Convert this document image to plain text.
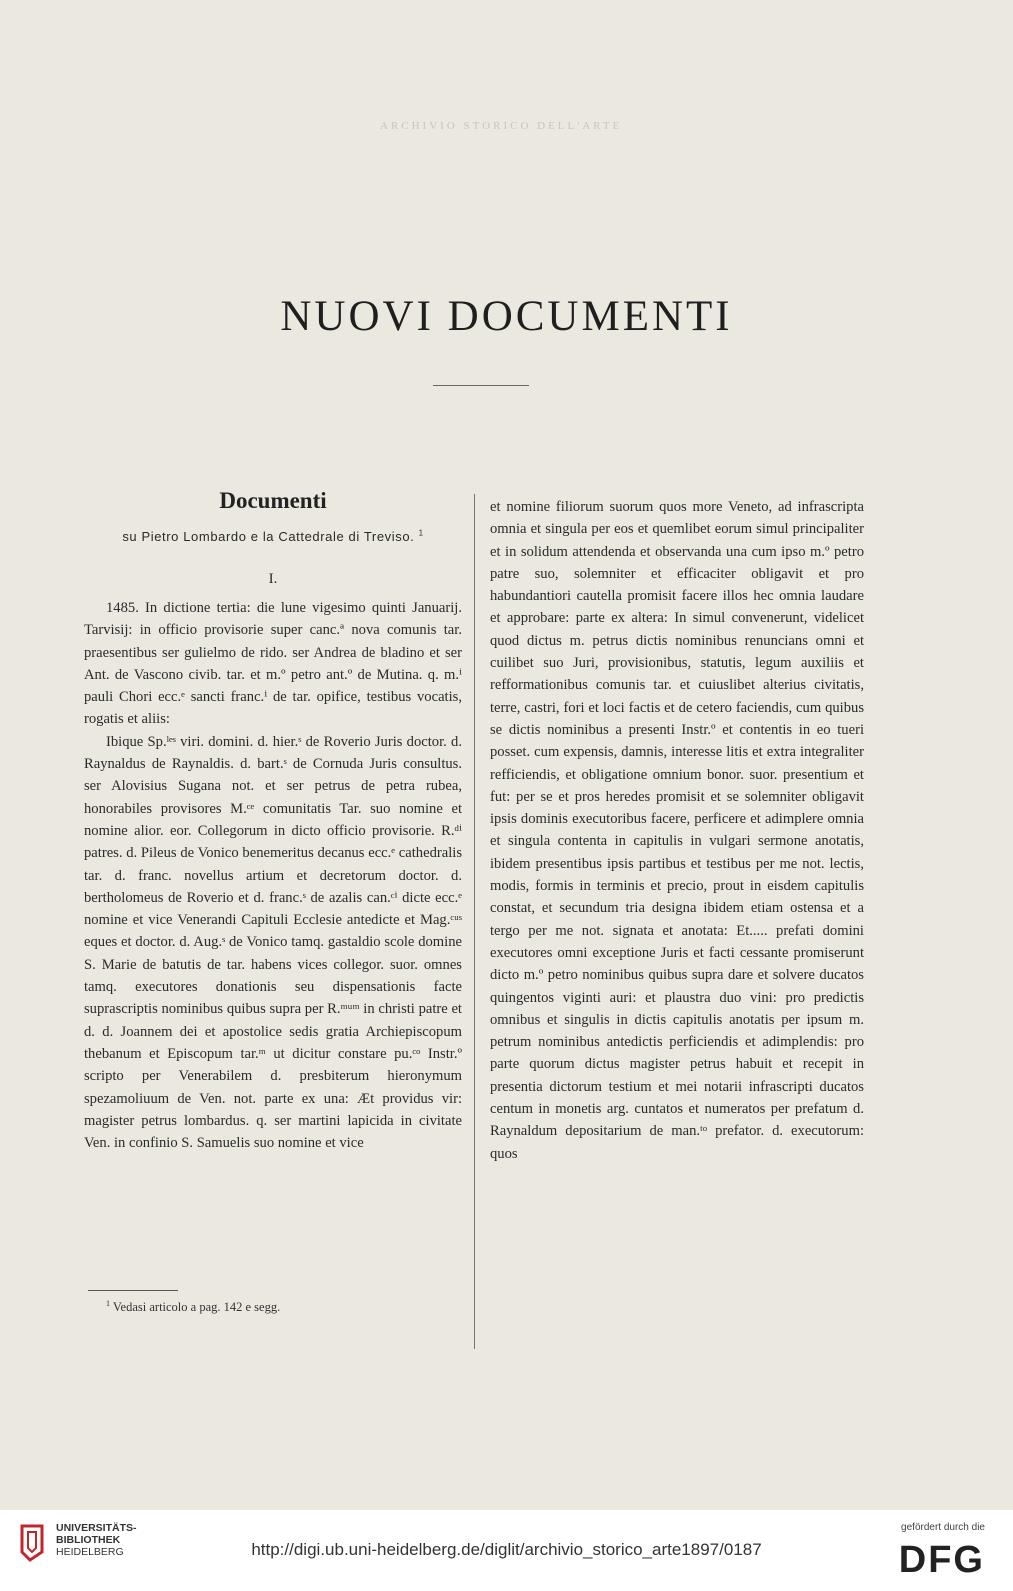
ARCHIVIO STORICO DELL'ARTE
NUOVI DOCUMENTI
Documenti
su Pietro Lombardo e la Cattedrale di Treviso. $^1$
I.

1485. In dictione tertia: die lune vigesimo quinti Januarij. Tarvisij: in officio provisorie super canc.ª nova comunis tar. praesentibus ser gulielmo de rido. ser Andrea de bladino et ser Ant. de Vascono civib. tar. et m.º petro ant.º de Mutina. q. m.ⁱ pauli Chori ecc.ᵉ sancti franc.ⁱ de tar. opifice, testibus vocatis, rogatis et aliis:

Ibique Sp.ˡᵉˢ viri. domini. d. hier.ˢ de Roverio Juris doctor. d. Raynaldus de Raynaldis. d. bart.ˢ de Cornuda Juris consultus. ser Alovisius Sugana not. et ser petrus de petra rubea, honorabiles provisores M.ᶜᵉ comunitatis Tar. suo nomine et nomine alior. eor. Collegorum in dicto officio provisorie. R.ᵈⁱ patres. d. Pileus de Vonico benemeritus decanus ecc.ᵉ cathedralis tar. d. franc. novellus artium et decretorum doctor. d. bertholomeus de Roverio et d. franc.ˢ de azalis can.ᶜⁱ dicte ecc.ᵉ nomine et vice Venerandi Capituli Ecclesie antedicte et Mag.ᶜᵘˢ eques et doctor. d. Aug.ˢ de Vonico tamq. gastaldio scole domine S. Marie de batutis de tar. habens vices collegor. suor. omnes tamq. executores donationis seu dispensationis facte suprascriptis nominibus quibus supra per R.ᵐᵘᵐ in christi patre et d. d. Joannem dei et apostolice sedis gratia Archiepiscopum thebanum et Episcopum tar.ᵐ ut dicitur constare pu.ᶜᵒ Instr.º scripto per Venerabilem d. presbiterum hieronymum spezamoliuum de Ven. not. parte ex una: Æt providus vir: magister petrus lombardus. q. ser martini lapicida in civitate Ven. in confinio S. Samuelis suo nomine et vice

et nomine filiorum suorum quos more Veneto, ad infrascripta omnia et singula per eos et quemlibet eorum simul principaliter et in solidum attendenda et observanda una cum ipso m.º petro patre suo, solemniter et efficaciter obligavit et pro habundantiori cautella promisit facere illos hec omnia laudare et approbare: parte ex altera: In simul convenerunt, videlicet quod dictus m. petrus dictis nominibus renuncians omni et cuilibet suo Juri, provisionibus, statutis, legum auxiliis et refformationibus comunis tar. et cuiuslibet alterius civitatis, terre, castri, fori et loci factis et de cetero faciendis, cum quibus se dictis nominibus a presenti Instr.º et contentis in eo tueri posset. cum expensis, damnis, interesse litis et extra integraliter refficiendis, et obligatione omnium bonor. suor. presentium et fut: per se et pros heredes promisit et se solemniter obligavit ipsis dominis executoribus facere, perficere et adimplere omnia et singula contenta in capitulis in vulgari sermone anotatis, ibidem presentibus ipsis partibus et testibus per me not. lectis, modis, formis in terminis et precio, prout in eisdem capitulis constat, et secundum tria designa ibidem etiam ostensa et a tergo per me not. signata et anotata: Et..... prefati domini executores omni exceptione Juris et facti cessante promiserunt dicto m.º petro nominibus quibus supra dare et solvere ducatos quingentos viginti auri: et plaustra duo vini: pro predictis omnibus et singulis in dictis capitulis anotatis per ipsum m. petrum nominibus antedictis perficiendis et adimplendis: pro parte quorum dictus magister petrus habuit et recepit in presentia dictorum testium et mei notarii infrascripti ducatos centum in monetis arg. cuntatos et numeratos per prefatum d. Raynaldum depositarium de man.ᵗᵒ prefator. d. executorum: quos

$^1$ Vedasi articolo a pag. 142 e segg.
UNIVERSITÄTS-
BIBLIOTHEK
HEIDELBERG	http://digi.ub.uni-heidelberg.de/diglit/archivio_storico_arte1897/0187
gefördert durch die
DFG
